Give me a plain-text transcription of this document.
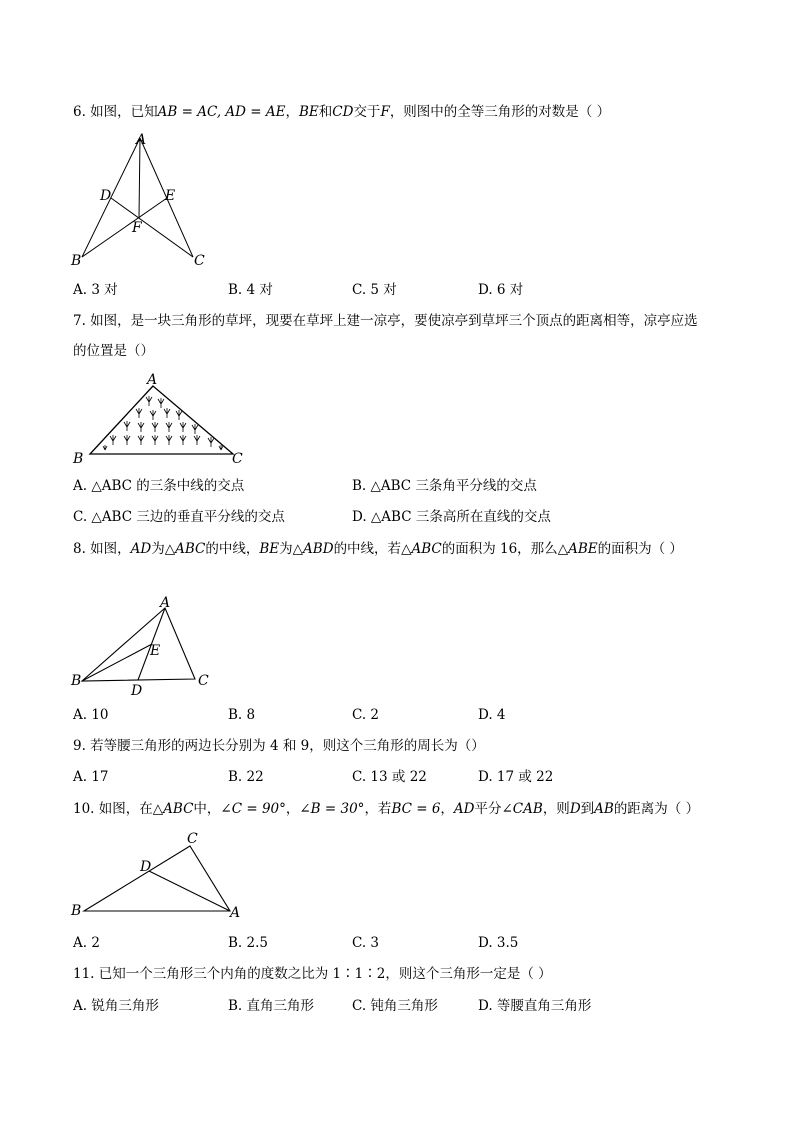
6. 如图，已知AB = AC, AD = AE，BE和CD交于F，则图中的全等三角形的对数是（ ）
A
D	E
F
B	C
A. 3 对	B. 4 对	C. 5 对	D. 6 对
7. 如图，是一块三角形的草坪，现要在草坪上建一凉亭，要使凉亭到草坪三个顶点的距离相等，凉亭应选
的位置是（）
A
B	C
A. △ABC 的三条中线的交点	B. △ABC 三条角平分线的交点
C. △ABC 三边的垂直平分线的交点	D. △ABC 三条高所在直线的交点
8. 如图，AD为△ABC的中线，BE为△ABD的中线，若△ABC的面积为 16，那么△ABE的面积为（ ）
A
E
B	C
D
A. 10	B. 8	C. 2	D. 4
9. 若等腰三角形的两边长分别为 4 和 9，则这个三角形的周长为（）
A. 17	B. 22	C. 13 或 22	D. 17 或 22
10. 如图，在△ABC中，∠C = 90°，∠B = 30°，若BC = 6，AD平分∠CAB，则D到AB的距离为（ ）
C
D
B	A
A. 2	B. 2.5	C. 3	D. 3.5
11. 已知一个三角形三个内角的度数之比为 1∶1∶2，则这个三角形一定是（ ）
A. 锐角三角形	B. 直角三角形	C. 钝角三角形	D. 等腰直角三角形
